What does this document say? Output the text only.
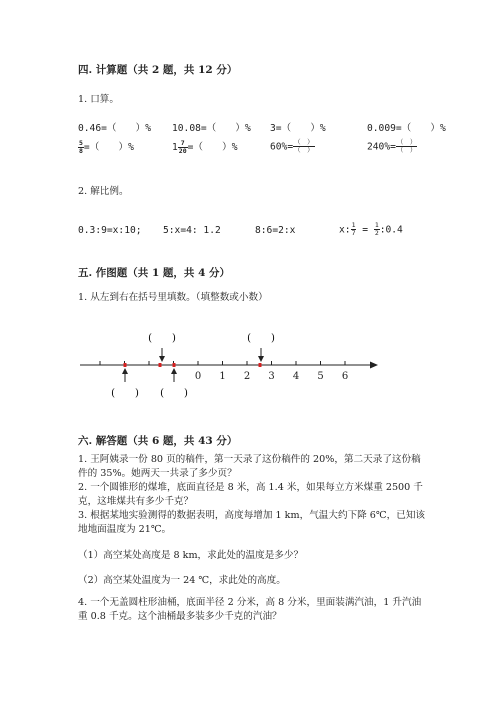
四. 计算题（共 2 题，共 12 分）
1. 口算。
0.46=（　　）% 10.08=（　　）% 3=（　　）%	0.009=（　　）%
$\frac{5}{8}$ =（　　）%	$1 \frac{7}{20}$ =（　　）%	$60\%= \frac{( )}{( )}$	$240\%= \frac{( )}{( )}$
2. 解比例。
0.3:9=x:10; 5:x=4: 1.2	8:6=2:x	x: $\frac{1}{7} = \frac{1}{2}$ :0.4
五. 作图题（共 1 题，共 4 分）
1. 从左到右在括号里填数。（填整数或小数）
0 1 2 3 4 5 6
(　　)	(　　)
(　　) (　　)
六. 解答题（共 6 题，共 43 分）
1. 王阿姨录一份 80 页的稿件，第一天录了这份稿件的 20%，第二天录了这份稿件的 35%。她两天一共录了多少页？
2. 一个圆锥形的煤堆，底面直径是 8 米，高 1.4 米，如果每立方米煤重 2500 千克，这堆煤共有多少千克？
3. 根据某地实验测得的数据表明，高度每增加 1 km，气温大约下降 6℃，已知该地地面温度为 21℃。
（1）高空某处高度是 8 km，求此处的温度是多少？
（2）高空某处温度为一 24 ℃，求此处的高度。
4. 一个无盖圆柱形油桶，底面半径 2 分米，高 8 分米，里面装满汽油，1 升汽油重 0.8 千克。这个油桶最多装多少千克的汽油？
